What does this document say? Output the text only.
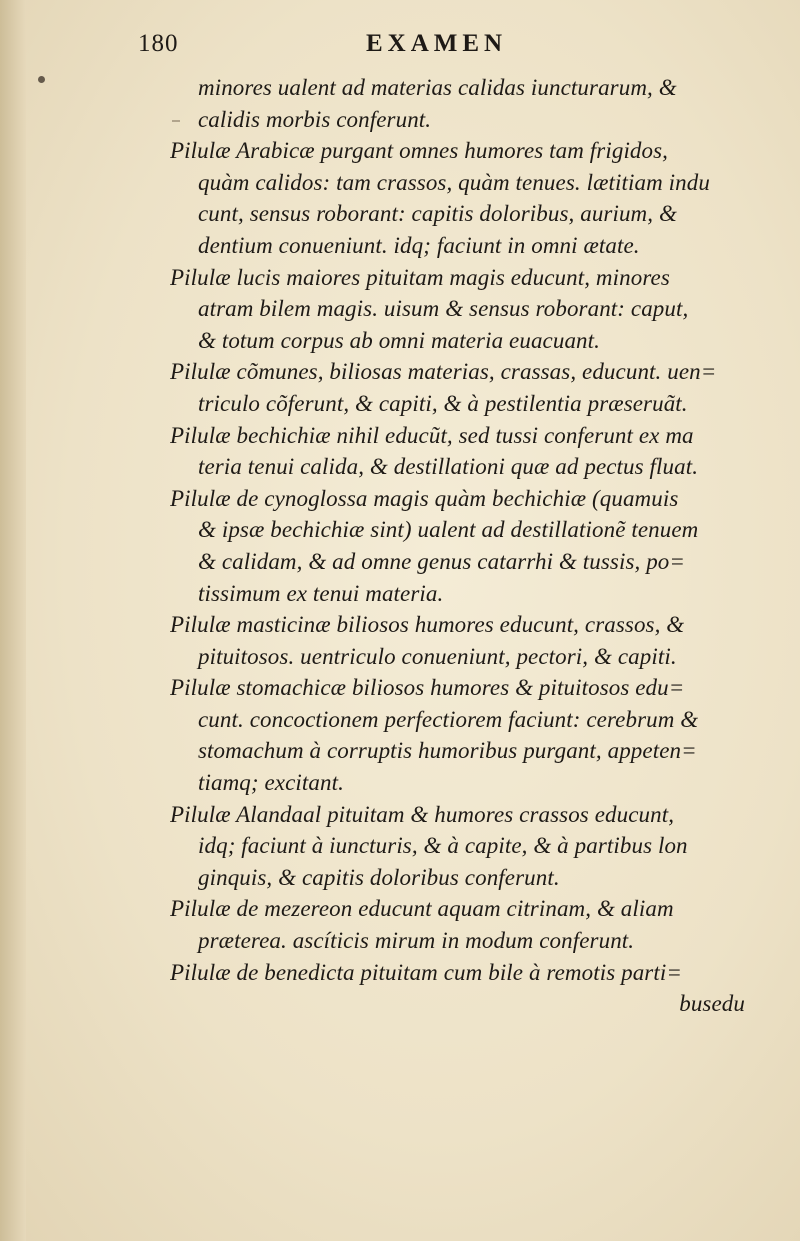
180	EXAMEN
minores ualent ad materias calidas iuncturarum, &
calidis morbis conferunt.
Pilulæ Arabicæ purgant omnes humores tam frigidos,
quàm calidos: tam crassos, quàm tenues. lætitiam indu
cunt, sensus roborant: capitis doloribus, aurium, &
dentium conueniunt. idq; faciunt in omni ætate.
Pilulæ lucis maiores pituitam magis educunt, minores
atram bilem magis. uisum & sensus roborant: caput,
& totum corpus ab omni materia euacuant.
Pilulæ cõmunes, biliosas materias, crassas, educunt. uen=
triculo cõferunt, & capiti, & à pestilentia præseruãt.
Pilulæ bechichiæ nihil educũt, sed tussi conferunt ex ma
teria tenui calida, & destillationi quæ ad pectus fluat.
Pilulæ de cynoglossa magis quàm bechichiæ (quamuis
& ipsæ bechichiæ sint) ualent ad destillationẽ tenuem
& calidam, & ad omne genus catarrhi & tussis, po=
tissimum ex tenui materia.
Pilulæ masticinæ biliosos humores educunt, crassos, &
pituitosos. uentriculo conueniunt, pectori, & capiti.
Pilulæ stomachicæ biliosos humores & pituitosos edu=
cunt. concoctionem perfectiorem faciunt: cerebrum &
stomachum à corruptis humoribus purgant, appeten=
tiamq; excitant.
Pilulæ Alandaal pituitam & humores crassos educunt,
idq; faciunt à iuncturis, & à capite, & à partibus lon
ginquis, & capitis doloribus conferunt.
Pilulæ de mezereon educunt aquam citrinam, & aliam
præterea. ascíticis mirum in modum conferunt.
Pilulæ de benedicta pituitam cum bile à remotis parti=
busedu
